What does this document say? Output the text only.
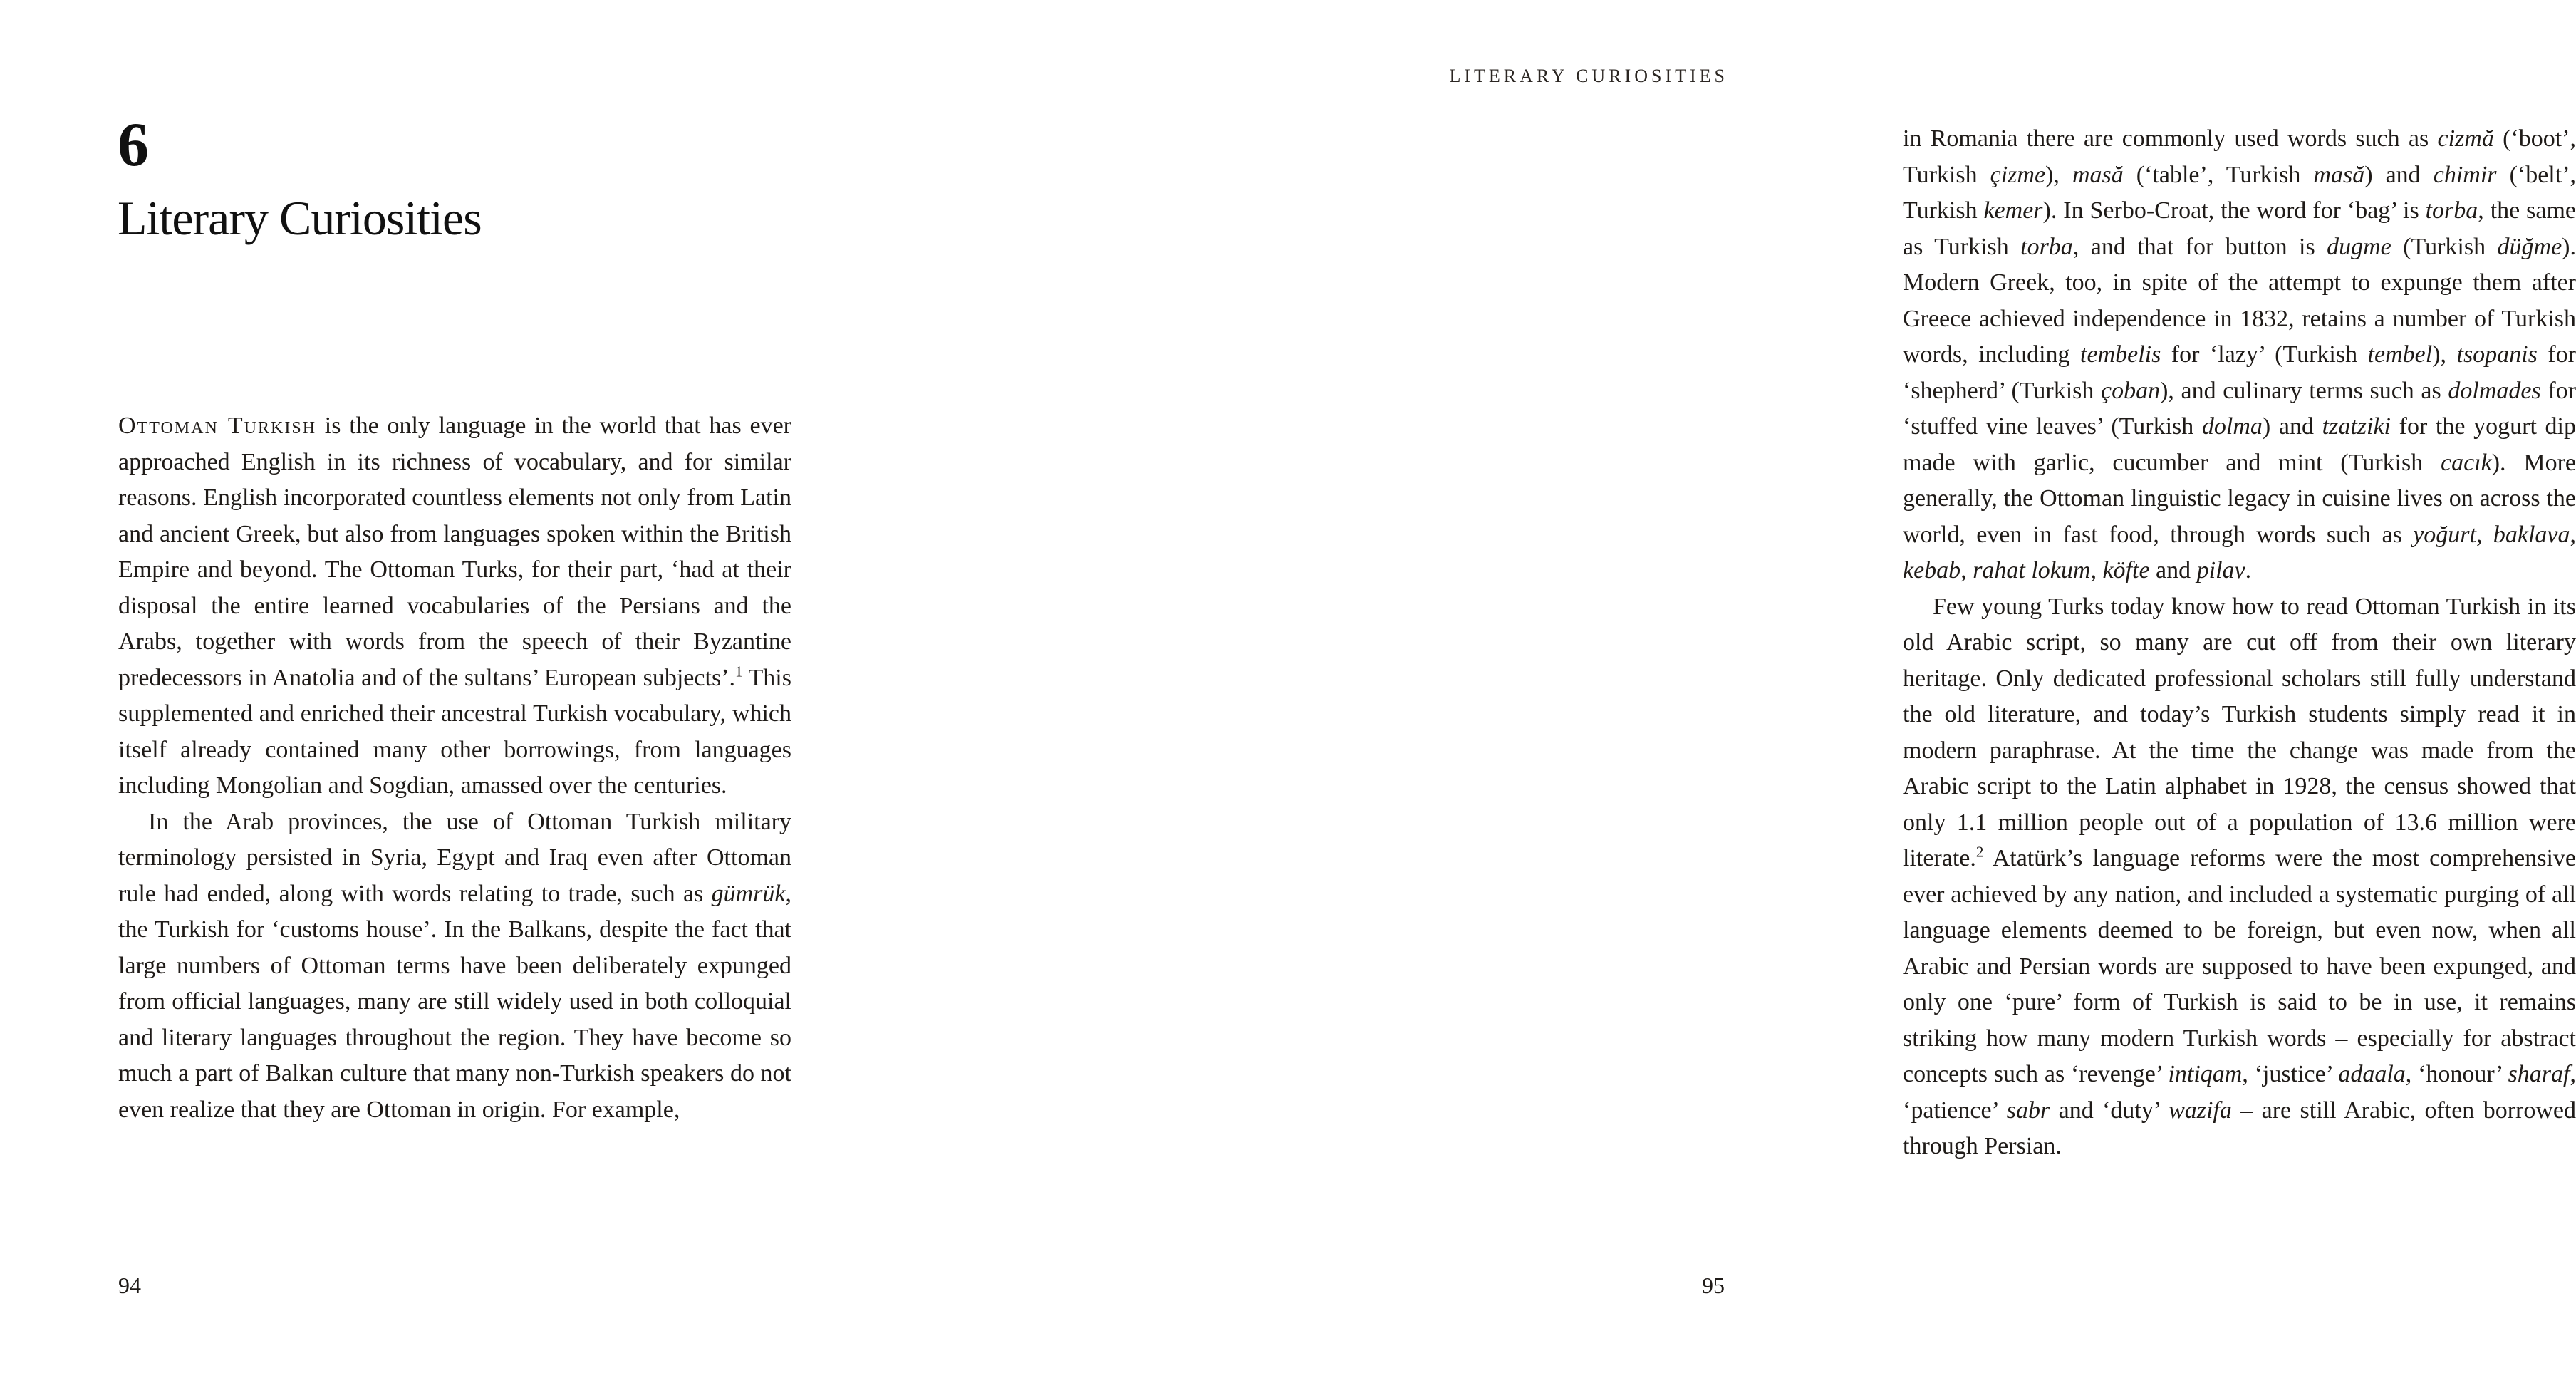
6
Literary Curiosities

Ottoman Turkish is the only language in the world that has ever approached English in its richness of vocabulary, and for similar reasons. English incorporated countless elements not only from Latin and ancient Greek, but also from languages spoken within the British Empire and beyond. The Ottoman Turks, for their part, ‘had at their disposal the entire learned vocabularies of the Persians and the Arabs, together with words from the speech of their Byzantine predecessors in Anatolia and of the sultans’ European subjects’.$^1$ This supplemented and enriched their ancestral Turkish vocabulary, which itself already contained many other borrowings, from languages including Mongolian and Sogdian, amassed over the centuries.

In the Arab provinces, the use of Ottoman Turkish military terminology persisted in Syria, Egypt and Iraq even after Ottoman rule had ended, along with words relating to trade, such as gümrük, the Turkish for ‘customs house’. In the Balkans, despite the fact that large numbers of Ottoman terms have been deliberately expunged from official languages, many are still widely used in both colloquial and literary languages throughout the region. They have become so much a part of Balkan culture that many non-Turkish speakers do not even realize that they are Ottoman in origin. For example,

94
LITERARY CURIOSITIES

in Romania there are commonly used words such as cizmă (‘boot’, Turkish çizme), masă (‘table’, Turkish masă) and chimir (‘belt’, Turkish kemer). In Serbo-Croat, the word for ‘bag’ is torba, the same as Turkish torba, and that for button is dugme (Turkish düğme). Modern Greek, too, in spite of the attempt to expunge them after Greece achieved independence in 1832, retains a number of Turkish words, including tembelis for ‘lazy’ (Turkish tembel), tsopanis for ‘shepherd’ (Turkish çoban), and culinary terms such as dolmades for ‘stuffed vine leaves’ (Turkish dolma) and tzatziki for the yogurt dip made with garlic, cucumber and mint (Turkish cacık). More generally, the Ottoman linguistic legacy in cuisine lives on across the world, even in fast food, through words such as yoğurt, baklava, kebab, rahat lokum, köfte and pilav.

Few young Turks today know how to read Ottoman Turkish in its old Arabic script, so many are cut off from their own literary heritage. Only dedicated professional scholars still fully understand the old literature, and today’s Turkish students simply read it in modern paraphrase. At the time the change was made from the Arabic script to the Latin alphabet in 1928, the census showed that only 1.1 million people out of a population of 13.6 million were literate.$^2$ Atatürk’s language reforms were the most comprehensive ever achieved by any nation, and included a systematic purging of all language elements deemed to be foreign, but even now, when all Arabic and Persian words are supposed to have been expunged, and only one ‘pure’ form of Turkish is said to be in use, it remains striking how many modern Turkish words – especially for abstract concepts such as ‘revenge’ intiqam, ‘justice’ adaala, ‘honour’ sharaf, ‘patience’ sabr and ‘duty’ wazifa – are still Arabic, often borrowed through Persian.

95
